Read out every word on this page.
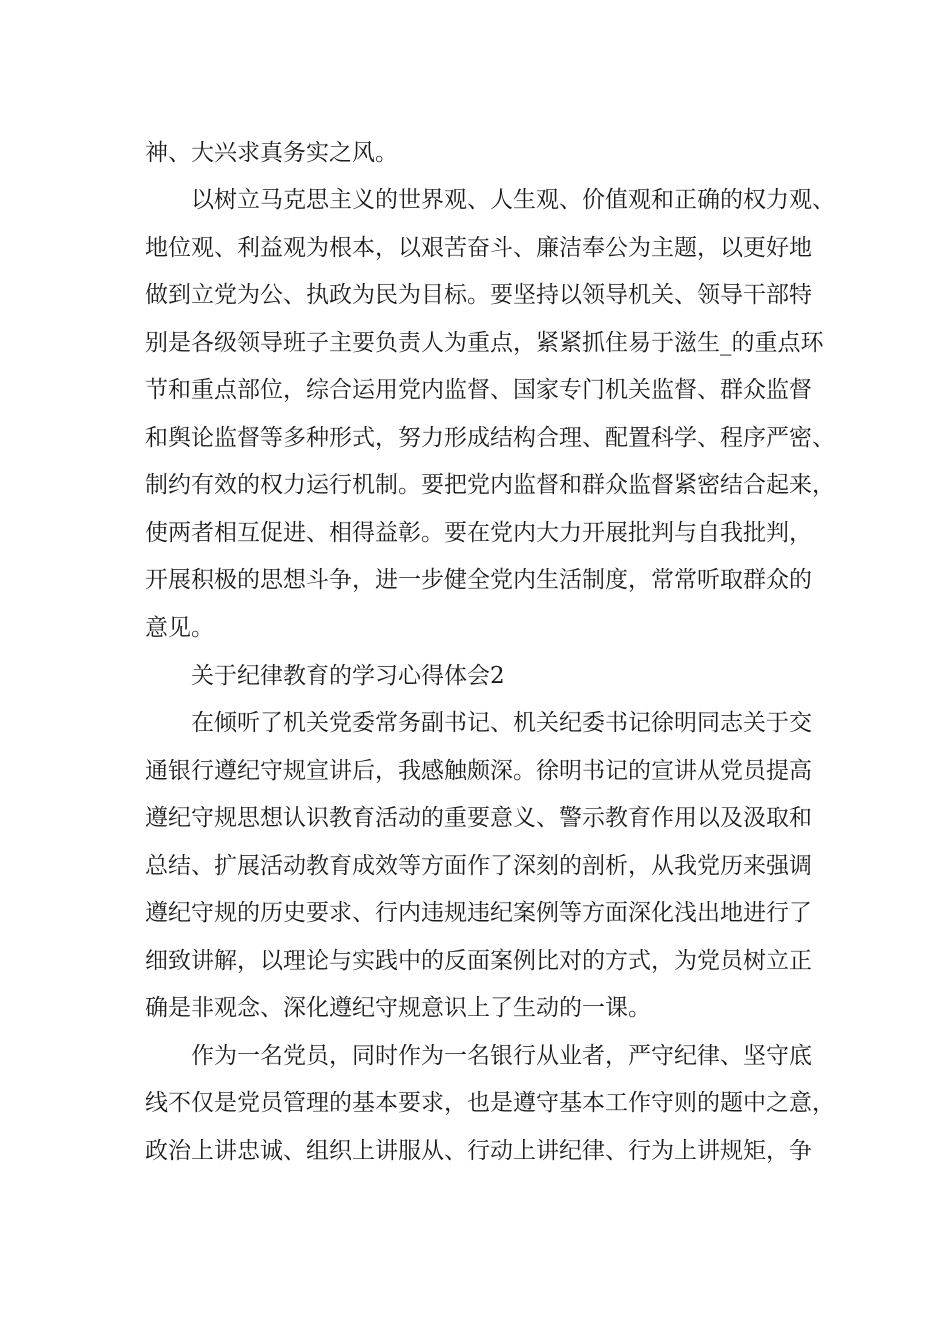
神、大兴求真务实之风。
以树立马克思主义的世界观、人生观、价值观和正确的权力观、
地位观、利益观为根本，以艰苦奋斗、廉洁奉公为主题，以更好地
做到立党为公、执政为民为目标。要坚持以领导机关、领导干部特
别是各级领导班子主要负责人为重点，紧紧抓住易于滋生_的重点环
节和重点部位，综合运用党内监督、国家专门机关监督、群众监督
和舆论监督等多种形式，努力形成结构合理、配置科学、程序严密、
制约有效的权力运行机制。要把党内监督和群众监督紧密结合起来，
使两者相互促进、相得益彰。要在党内大力开展批判与自我批判，
开展积极的思想斗争，进一步健全党内生活制度，常常听取群众的
意见。
关于纪律教育的学习心得体会2
在倾听了机关党委常务副书记、机关纪委书记徐明同志关于交
通银行遵纪守规宣讲后，我感触颇深。徐明书记的宣讲从党员提高
遵纪守规思想认识教育活动的重要意义、警示教育作用以及汲取和
总结、扩展活动教育成效等方面作了深刻的剖析，从我党历来强调
遵纪守规的历史要求、行内违规违纪案例等方面深化浅出地进行了
细致讲解，以理论与实践中的反面案例比对的方式，为党员树立正
确是非观念、深化遵纪守规意识上了生动的一课。
作为一名党员，同时作为一名银行从业者，严守纪律、坚守底
线不仅是党员管理的基本要求，也是遵守基本工作守则的题中之意，
政治上讲忠诚、组织上讲服从、行动上讲纪律、行为上讲规矩，争
